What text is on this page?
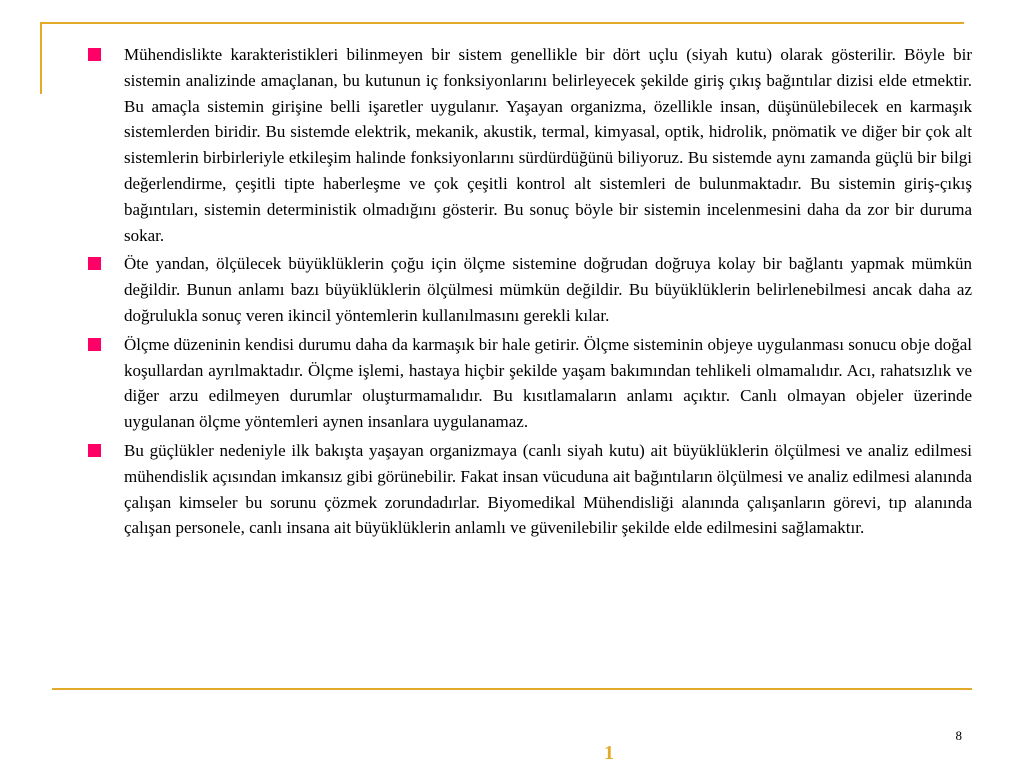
Mühendislikte karakteristikleri bilinmeyen bir sistem genellikle bir dört uçlu (siyah kutu) olarak gösterilir. Böyle bir sistemin analizinde amaçlanan, bu kutunun iç fonksiyonlarını belirleyecek şekilde giriş çıkış bağıntılar dizisi elde etmektir. Bu amaçla sistemin girişine belli işaretler uygulanır. Yaşayan organizma, özellikle insan, düşünülebilecek en karmaşık sistemlerden biridir. Bu sistemde elektrik, mekanik, akustik, termal, kimyasal, optik, hidrolik, pnömatik ve diğer bir çok alt sistemlerin birbirleriyle etkileşim halinde fonksiyonlarını sürdürdüğünü biliyoruz. Bu sistemde aynı zamanda güçlü bir bilgi değerlendirme, çeşitli tipte haberleşme ve çok çeşitli kontrol alt sistemleri de bulunmaktadır. Bu sistemin giriş-çıkış bağıntıları, sistemin deterministik olmadığını gösterir. Bu sonuç böyle bir sistemin incelenmesini daha da zor bir duruma sokar.

Öte yandan, ölçülecek büyüklüklerin çoğu için ölçme sistemine doğrudan doğruya kolay bir bağlantı yapmak mümkün değildir. Bunun anlamı bazı büyüklüklerin ölçülmesi mümkün değildir. Bu büyüklüklerin belirlenebilmesi ancak daha az doğrulukla sonuç veren ikincil yöntemlerin kullanılmasını gerekli kılar.

Ölçme düzeninin kendisi durumu daha da karmaşık bir hale getirir. Ölçme sisteminin objeye uygulanması sonucu obje doğal koşullardan ayrılmaktadır. Ölçme işlemi, hastaya hiçbir şekilde yaşam bakımından tehlikeli olmamalıdır. Acı, rahatsızlık ve diğer arzu edilmeyen durumlar oluşturmamalıdır. Bu kısıtlamaların anlamı açıktır. Canlı olmayan objeler üzerinde uygulanan ölçme yöntemleri aynen insanlara uygulanamaz.

Bu güçlükler nedeniyle ilk bakışta yaşayan organizmaya (canlı siyah kutu) ait büyüklüklerin ölçülmesi ve analiz edilmesi mühendislik açısından imkansız gibi görünebilir. Fakat insan vücuduna ait bağıntıların ölçülmesi ve analiz edilmesi alanında çalışan kimseler bu sorunu çözmek zorundadırlar. Biyomedikal Mühendisliği alanında çalışanların görevi, tıp alanında çalışan personele, canlı insana ait büyüklüklerin anlamlı ve güvenilebilir şekilde elde edilmesini sağlamaktır.

8
1
